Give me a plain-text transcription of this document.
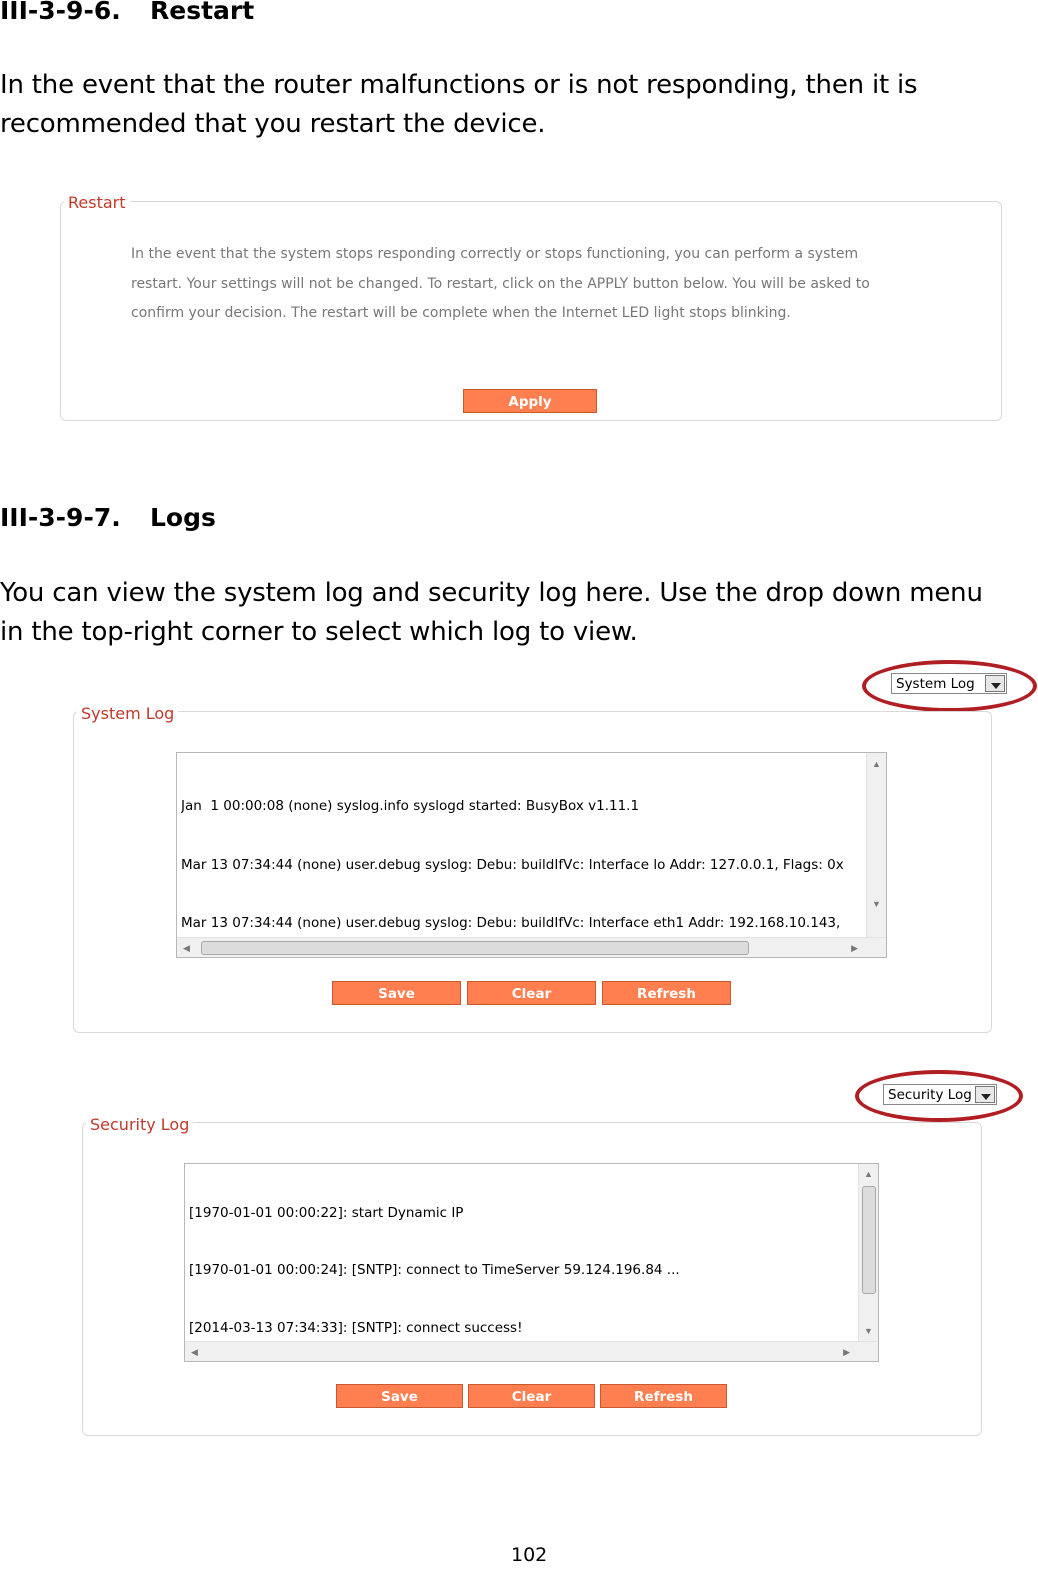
III-3-9-6. Restart
In the event that the router malfunctions or is not responding, then it is
recommended that you restart the device.
Restart
In the event that the system stops responding correctly or stops functioning, you can perform a system
restart. Your settings will not be changed. To restart, click on the APPLY button below. You will be asked to
confirm your decision. The restart will be complete when the Internet LED light stops blinking.
Apply
III-3-9-7. Logs
You can view the system log and security log here. Use the drop down menu
in the top-right corner to select which log to view.
System Log
System Log

Jan  1 00:00:08 (none) syslog.info syslogd started: BusyBox v1.11.1

Mar 13 07:34:44 (none) user.debug syslog: Debu: buildIfVc: Interface lo Addr: 127.0.0.1, Flags: 0x

Mar 13 07:34:44 (none) user.debug syslog: Debu: buildIfVc: Interface eth1 Addr: 192.168.10.143,

▲
▼
◀	▶
Save	Clear	Refresh
Security Log
Security Log

[1970-01-01 00:00:22]: start Dynamic IP

[1970-01-01 00:00:24]: [SNTP]: connect to TimeServer 59.124.196.84 ...

[2014-03-13 07:34:33]: [SNTP]: connect success!

▲
▼
◀	▶
Save	Clear	Refresh
102
